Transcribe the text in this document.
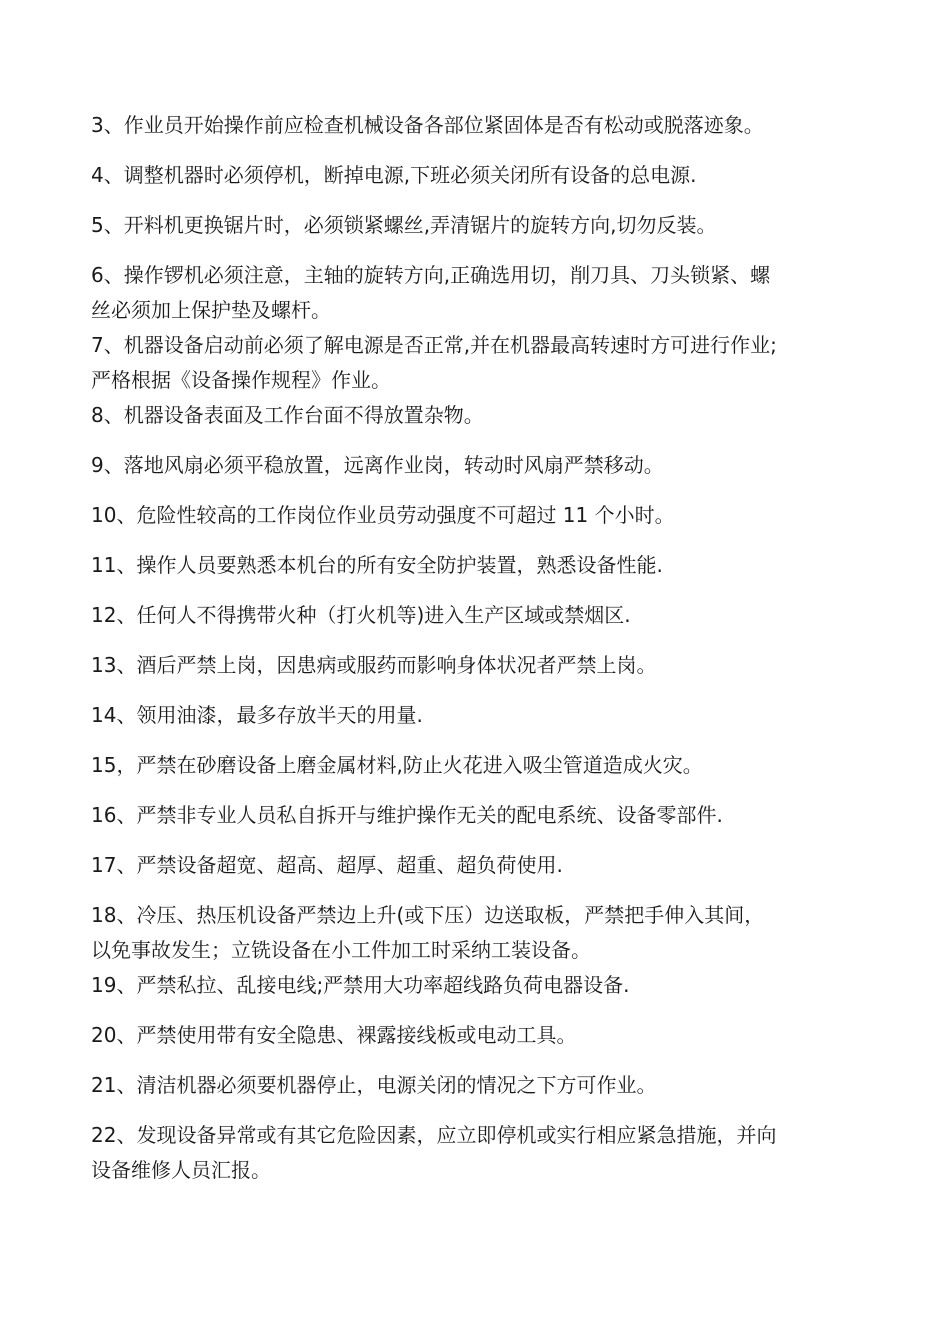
3、作业员开始操作前应检查机械设备各部位紧固体是否有松动或脱落迹象。
4、调整机器时必须停机，断掉电源,下班必须关闭所有设备的总电源.
5、开料机更换锯片时，必须锁紧螺丝,弄清锯片的旋转方向,切勿反装。
6、操作锣机必须注意，主轴的旋转方向,正确选用切，削刀具、刀头锁紧、螺
丝必须加上保护垫及螺杆。
7、机器设备启动前必须了解电源是否正常,并在机器最高转速时方可进行作业;
严格根据《设备操作规程》作业。
8、机器设备表面及工作台面不得放置杂物。
9、落地风扇必须平稳放置，远离作业岗，转动时风扇严禁移动。
10、危险性较高的工作岗位作业员劳动强度不可超过 11 个小时。
11、操作人员要熟悉本机台的所有安全防护装置，熟悉设备性能.
12、任何人不得携带火种（打火机等)进入生产区域或禁烟区.
13、酒后严禁上岗，因患病或服药而影响身体状况者严禁上岗。
14、领用油漆，最多存放半天的用量.
15，严禁在砂磨设备上磨金属材料,防止火花进入吸尘管道造成火灾。
16、严禁非专业人员私自拆开与维护操作无关的配电系统、设备零部件.
17、严禁设备超宽、超高、超厚、超重、超负荷使用.
18、冷压、热压机设备严禁边上升(或下压）边送取板，严禁把手伸入其间，
以免事故发生；立铣设备在小工件加工时采纳工装设备。
19、严禁私拉、乱接电线;严禁用大功率超线路负荷电器设备.
20、严禁使用带有安全隐患、裸露接线板或电动工具。
21、清洁机器必须要机器停止，电源关闭的情况之下方可作业。
22、发现设备异常或有其它危险因素，应立即停机或实行相应紧急措施，并向
设备维修人员汇报。
